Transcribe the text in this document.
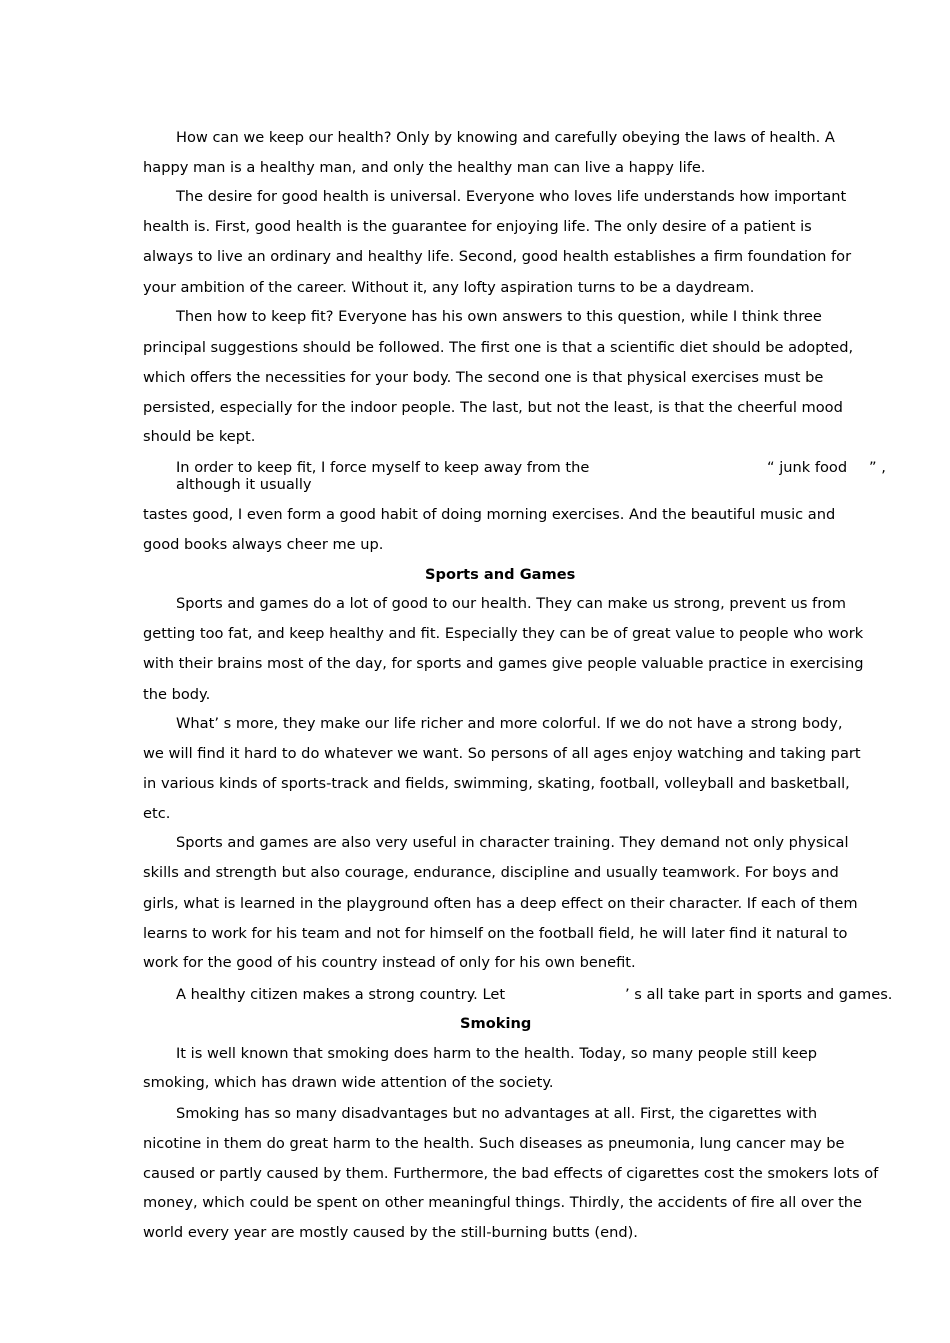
How can we keep our health? Only by knowing and carefully obeying the laws of health. A
happy man is a healthy man, and only the healthy man can live a happy life.
The desire for good health is universal. Everyone who loves life understands how important
health is. First, good health is the guarantee for enjoying life. The only desire of a patient is
always to live an ordinary and healthy life. Second, good health establishes a firm foundation for
your ambition of the career. Without it, any lofty aspiration turns to be a daydream.
Then how to keep fit? Everyone has his own answers to this question, while I think three
principal suggestions should be followed. The first one is that a scientific diet should be adopted,
which offers the necessities for your body. The second one is that physical exercises must be
persisted, especially for the indoor people. The last, but not the least, is that the cheerful mood
should be kept.
In order to keep fit, I force myself to keep away from the	“ junk food ” ,
although it usually
tastes good, I even form a good habit of doing morning exercises. And the beautiful music and
good books always cheer me up.
Sports and Games
Sports and games do a lot of good to our health. They can make us strong, prevent us from
getting too fat, and keep healthy and fit. Especially they can be of great value to people who work
with their brains most of the day, for sports and games give people valuable practice in exercising
the body.
What’ s more, they make our life richer and more colorful. If we do not have a strong body,
we will find it hard to do whatever we want. So persons of all ages enjoy watching and taking part
in various kinds of sports-track and fields, swimming, skating, football, volleyball and basketball,
etc.
Sports and games are also very useful in character training. They demand not only physical
skills and strength but also courage, endurance, discipline and usually teamwork. For boys and
girls, what is learned in the playground often has a deep effect on their character. If each of them
learns to work for his team and not for himself on the football field, he will later find it natural to
work for the good of his country instead of only for his own benefit.
A healthy citizen makes a strong country. Let	’ s all take part in sports and games.
Smoking
It is well known that smoking does harm to the health. Today, so many people still keep
smoking, which has drawn wide attention of the society.
Smoking has so many disadvantages but no advantages at all. First, the cigarettes with
nicotine in them do great harm to the health. Such diseases as pneumonia, lung cancer may be
caused or partly caused by them. Furthermore, the bad effects of cigarettes cost the smokers lots of
money, which could be spent on other meaningful things. Thirdly, the accidents of fire all over the
world every year are mostly caused by the still-burning butts (end).
